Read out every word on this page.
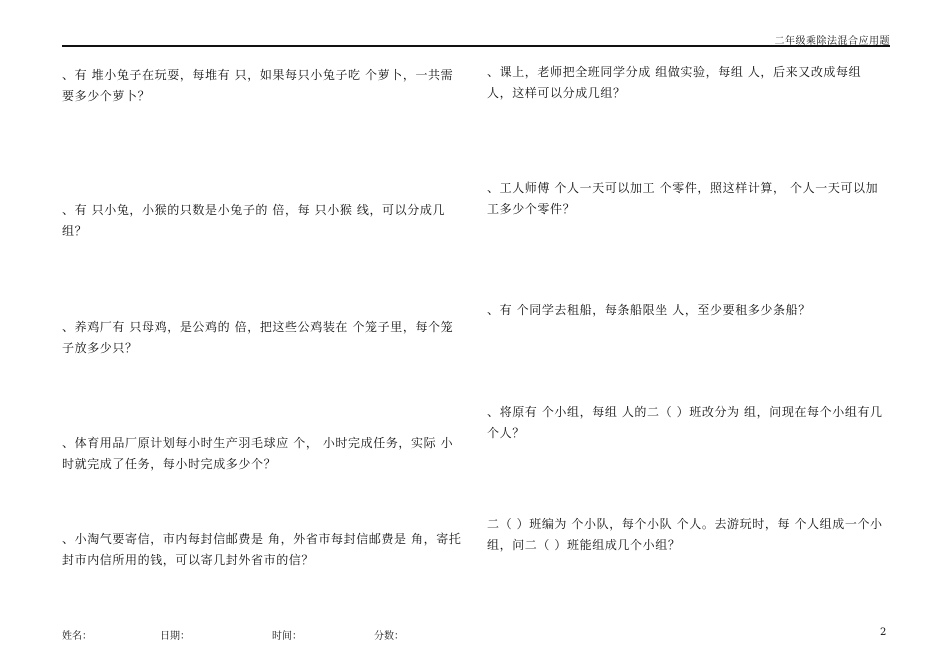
二年级乘除法混合应用题

、有 堆小兔子在玩耍，每堆有 只，如果每只小兔子吃 个萝卜，一共需要多少个萝卜？

、有 只小兔，小猴的只数是小兔子的 倍，每 只小猴 线，可以分成几组？

、养鸡厂有 只母鸡，是公鸡的 倍，把这些公鸡装在 个笼子里，每个笼子放多少只？

、体育用品厂原计划每小时生产羽毛球应 个， 小时完成任务，实际 小时就完成了任务，每小时完成多少个？

、小淘气要寄信，市内每封信邮费是 角，外省市每封信邮费是 角，寄托封市内信所用的钱，可以寄几封外省市的信？

、课上，老师把全班同学分成 组做实验，每组 人，后来又改成每组 人，这样可以分成几组？

、工人师傅 个人一天可以加工 个零件，照这样计算， 个人一天可以加工多少个零件？

、有 个同学去租船，每条船限坐 人，至少要租多少条船？

、将原有 个小组，每组 人的二（ ）班改分为 组，问现在每个小组有几个人？

二（ ）班编为 个小队，每个小队 个人。去游玩时，每 个人组成一个小组，问二（ ）班能组成几个小组？

姓名：	日期：	时间：	分数：	2
